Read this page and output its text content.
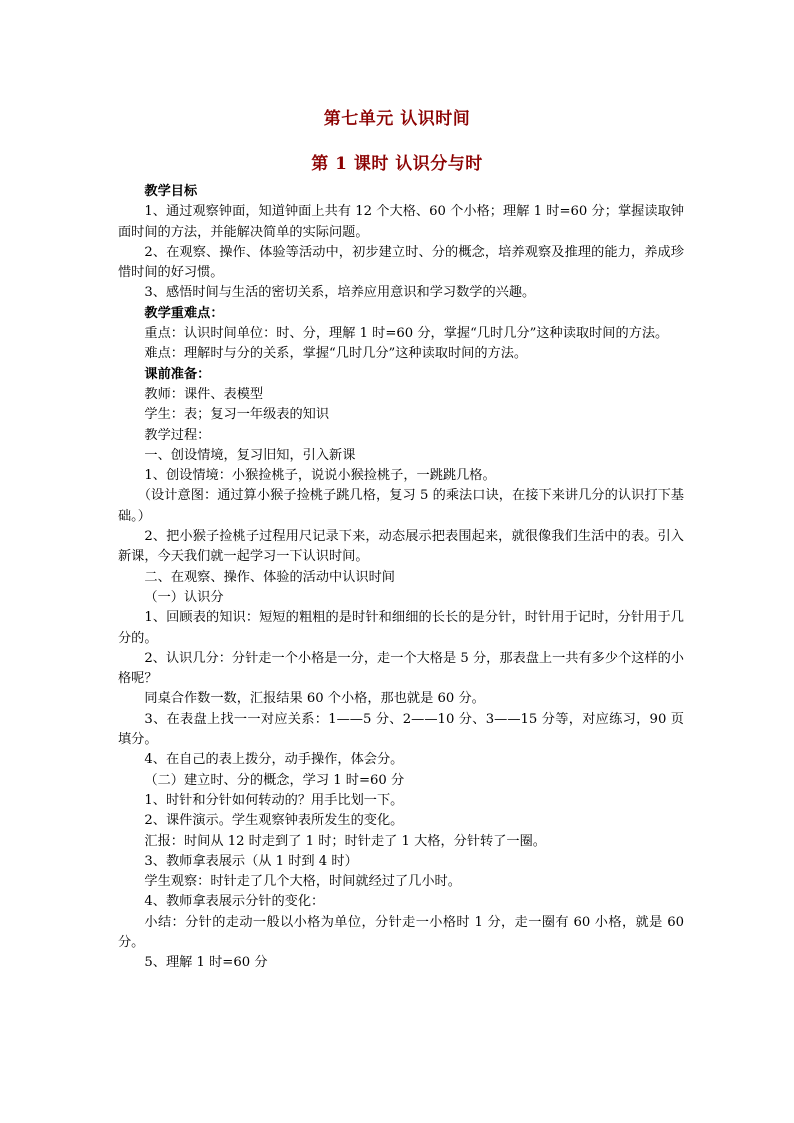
第七单元 认识时间
第 1 课时 认识分与时

教学目标

1、通过观察钟面，知道钟面上共有 12 个大格、60 个小格；理解 1 时=60 分；掌握读取钟面时间的方法，并能解决简单的实际问题。

2、在观察、操作、体验等活动中，初步建立时、分的概念，培养观察及推理的能力，养成珍惜时间的好习惯。

3、感悟时间与生活的密切关系，培养应用意识和学习数学的兴趣。

教学重难点：

重点：认识时间单位：时、分，理解 1 时=60 分，掌握“几时几分”这种读取时间的方法。

难点：理解时与分的关系，掌握“几时几分”这种读取时间的方法。

课前准备：

教师：课件、表模型

学生：表；复习一年级表的知识

教学过程：

一、创设情境，复习旧知，引入新课

1、创设情境：小猴捡桃子，说说小猴捡桃子，一跳跳几格。

（设计意图：通过算小猴子捡桃子跳几格，复习 5 的乘法口诀，在接下来讲几分的认识打下基础。）

2、把小猴子捡桃子过程用尺记录下来，动态展示把表围起来，就很像我们生活中的表。引入新课，今天我们就一起学习一下认识时间。

二、在观察、操作、体验的活动中认识时间

（一）认识分

1、回顾表的知识：短短的粗粗的是时针和细细的长长的是分针，时针用于记时，分针用于几分的。

2、认识几分：分针走一个小格是一分，走一个大格是 5 分，那表盘上一共有多少个这样的小格呢？

同桌合作数一数，汇报结果 60 个小格，那也就是 60 分。

3、在表盘上找一一对应关系：1——5 分、2——10 分、3——15 分等，对应练习，90 页填分。

4、在自己的表上拨分，动手操作，体会分。

（二）建立时、分的概念，学习 1 时=60 分

1、时针和分针如何转动的？用手比划一下。

2、课件演示。学生观察钟表所发生的变化。

汇报：时间从 12 时走到了 1 时；时针走了 1 大格，分针转了一圈。

3、教师拿表展示（从 1 时到 4 时）

学生观察：时针走了几个大格，时间就经过了几小时。

4、教师拿表展示分针的变化：

小结：分针的走动一般以小格为单位，分针走一小格时 1 分，走一圈有 60 小格，就是 60 分。

5、理解 1 时=60 分
